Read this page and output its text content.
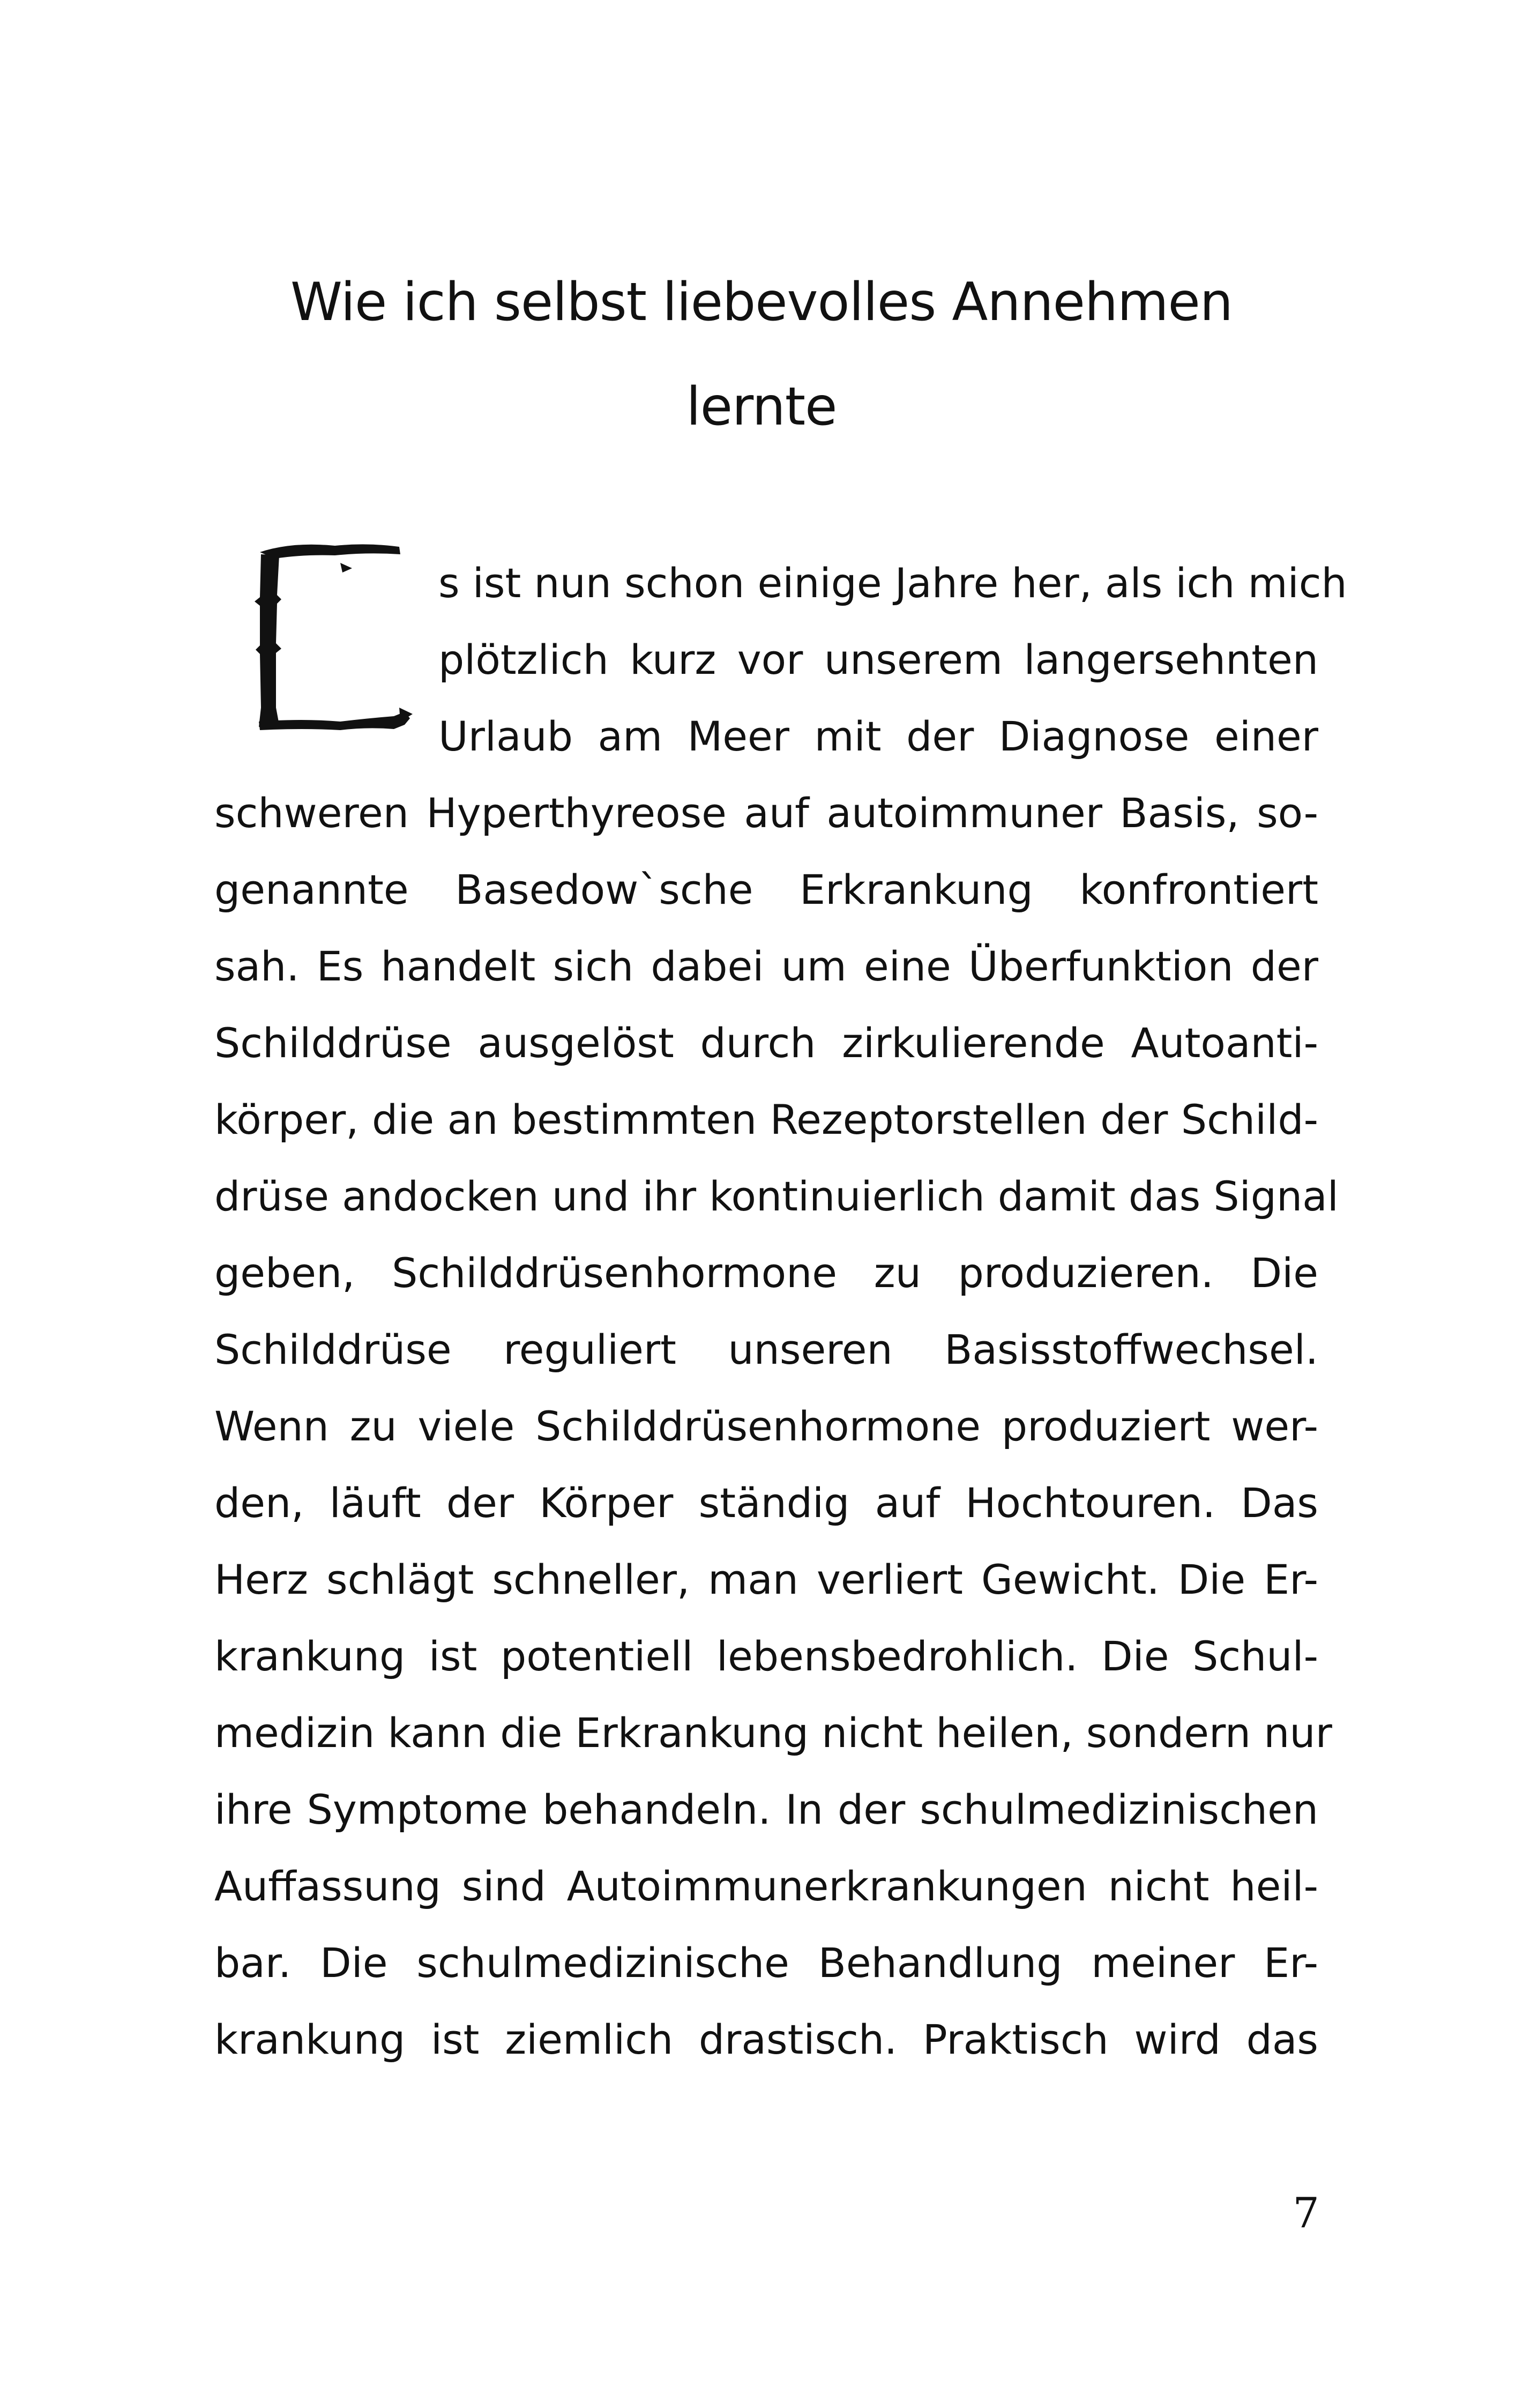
Wie ich selbst liebevolles Annehmen
lernte

s ist nun schon einige Jahre her, als ich mich

plötzlich kurz vor unserem langersehnten

Urlaub am Meer mit der Diagnose einer

schweren Hyperthyreose auf autoimmuner Basis, so-

genannte Basedow`sche Erkrankung konfrontiert

sah. Es handelt sich dabei um eine Überfunktion der

Schilddrüse ausgelöst durch zirkulierende Autoanti-

körper, die an bestimmten Rezeptorstellen der Schild-

drüse andocken und ihr kontinuierlich damit das Signal

geben, Schilddrüsenhormone zu produzieren. Die

Schilddrüse reguliert unseren Basisstoffwechsel.

Wenn zu viele Schilddrüsenhormone produziert wer-

den, läuft der Körper ständig auf Hochtouren. Das

Herz schlägt schneller, man verliert Gewicht. Die Er-

krankung ist potentiell lebensbedrohlich. Die Schul-

medizin kann die Erkrankung nicht heilen, sondern nur

ihre Symptome behandeln. In der schulmedizinischen

Auffassung sind Autoimmunerkrankungen nicht heil-

bar. Die schulmedizinische Behandlung meiner Er-

krankung ist ziemlich drastisch. Praktisch wird das

7
